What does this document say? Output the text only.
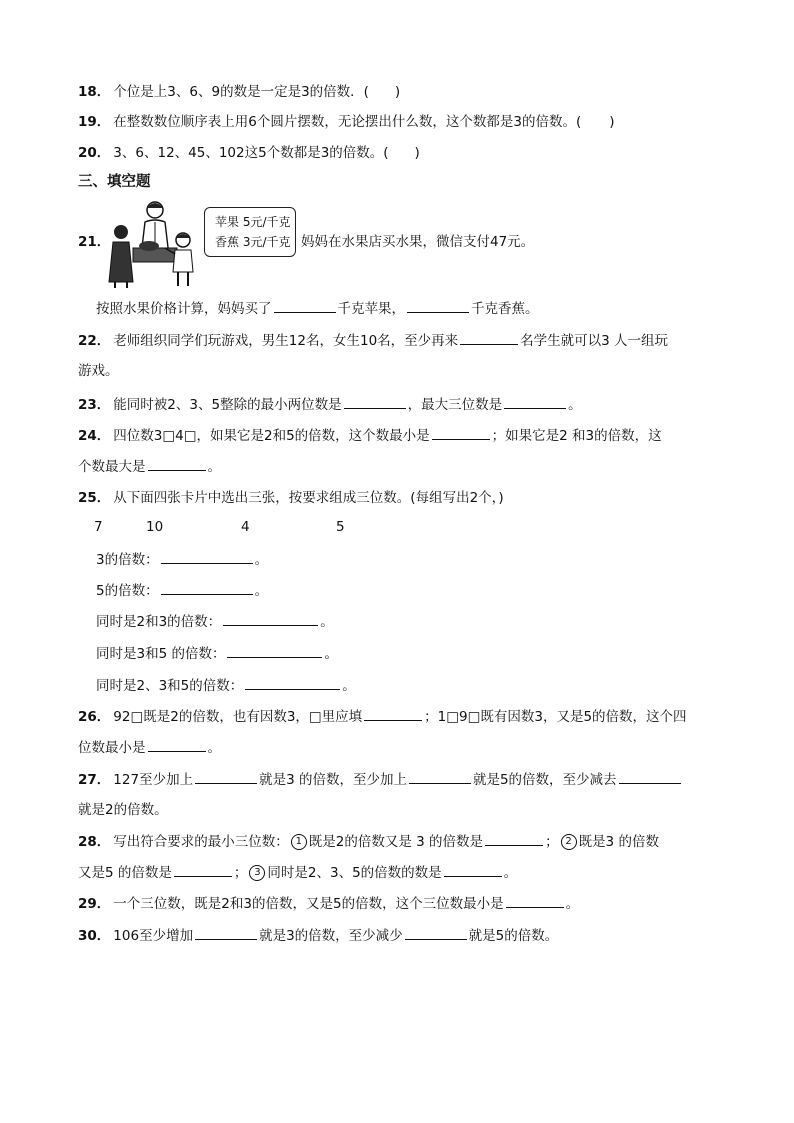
18． 个位是上3、6、9的数是一定是3的倍数．( )
19． 在整数数位顺序表上用6个圆片摆数，无论摆出什么数，这个数都是3的倍数。( )
20． 3、6、12、45、102这5个数都是3的倍数。( )
三、填空题
21．
苹果 5元/千克
香蕉 3元/千克 妈妈在水果店买水果，微信支付47元。
按照水果价格计算，妈妈买了	千克苹果，	千克香蕉。
22． 老师组织同学们玩游戏，男生12名，女生10名，至少再来	名学生就可以3 人一组玩
游戏。
23． 能同时被2、3、5整除的最小两位数是	，最大三位数是	。
24． 四位数3□4□，如果它是2和5的倍数，这个数最小是	；如果它是2 和3的倍数，这
个数最大是	。
25． 从下面四张卡片中选出三张，按要求组成三位数。(每组写出2个，)
7	10	4	5
3的倍数：	。
5的倍数：	。
同时是2和3的倍数：	。
同时是3和5 的倍数：	。
同时是2、3和5的倍数：	。
26． 92□既是2的倍数，也有因数3，□里应填	；1□9□既有因数3，又是5的倍数，这个四
位数最小是	。
27． 127至少加上	就是3 的倍数，至少加上	就是5的倍数，至少减去
就是2的倍数。
28． 写出符合要求的最小三位数： 1 既是2的倍数又是 3 的倍数是	； 2 既是3 的倍数
又是5 的倍数是	； 3 同时是2、3、5的倍数的数是	。
29． 一个三位数，既是2和3的倍数，又是5的倍数，这个三位数最小是	。
30． 106至少增加	就是3的倍数，至少减少	就是5的倍数。
